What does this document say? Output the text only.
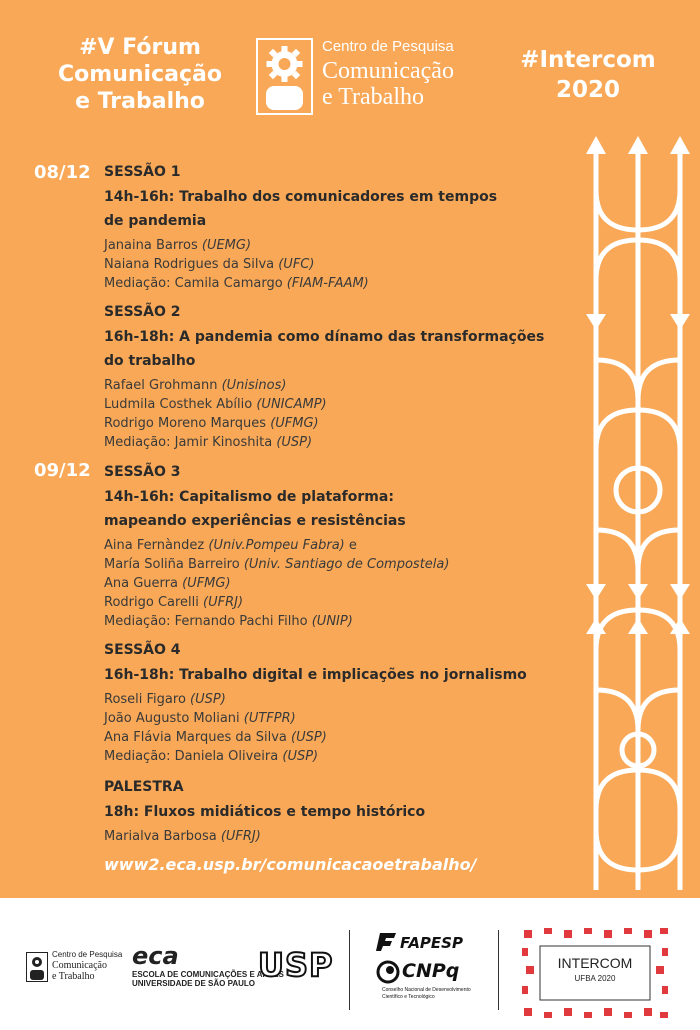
#V Fórum
Comunicação
e Trabalho
Centro de Pesquisa
Comunicação
e Trabalho
#Intercom
2020
08/12
09/12
SESSÃO 1
14h-16h: Trabalho dos comunicadores em tempos
de pandemia
Janaina Barros (UEMG)
Naiana Rodrigues da Silva (UFC)
Mediação: Camila Camargo (FIAM-FAAM)
SESSÃO 2
16h-18h: A pandemia como dínamo das transformações
do trabalho
Rafael Grohmann (Unisinos)
Ludmila Costhek Abílio (UNICAMP)
Rodrigo Moreno Marques (UFMG)
Mediação: Jamir Kinoshita (USP)
SESSÃO 3
14h-16h: Capitalismo de plataforma:
mapeando experiências e resistências
Aina Fernàndez (Univ.Pompeu Fabra) e
María Soliña Barreiro (Univ. Santiago de Compostela)
Ana Guerra (UFMG)
Rodrigo Carelli (UFRJ)
Mediação: Fernando Pachi Filho (UNIP)
SESSÃO 4
16h-18h: Trabalho digital e implicações no jornalismo
Roseli Figaro (USP)
João Augusto Moliani (UTFPR)
Ana Flávia Marques da Silva (USP)
Mediação: Daniela Oliveira (USP)
PALESTRA
18h: Fluxos midiáticos e tempo histórico
Marialva Barbosa (UFRJ)
www2.eca.usp.br/comunicacaoetrabalho/
Centro de Pesquisa
Comunicação
e Trabalho
eca
ESCOLA DE COMUNICAÇÕES E ARTES
UNIVERSIDADE DE SÃO PAULO USP
FAPESP
CNPq
Conselho Nacional de Desenvolvimento
Científico e Tecnológico
INTERCOM
UFBA 2020
